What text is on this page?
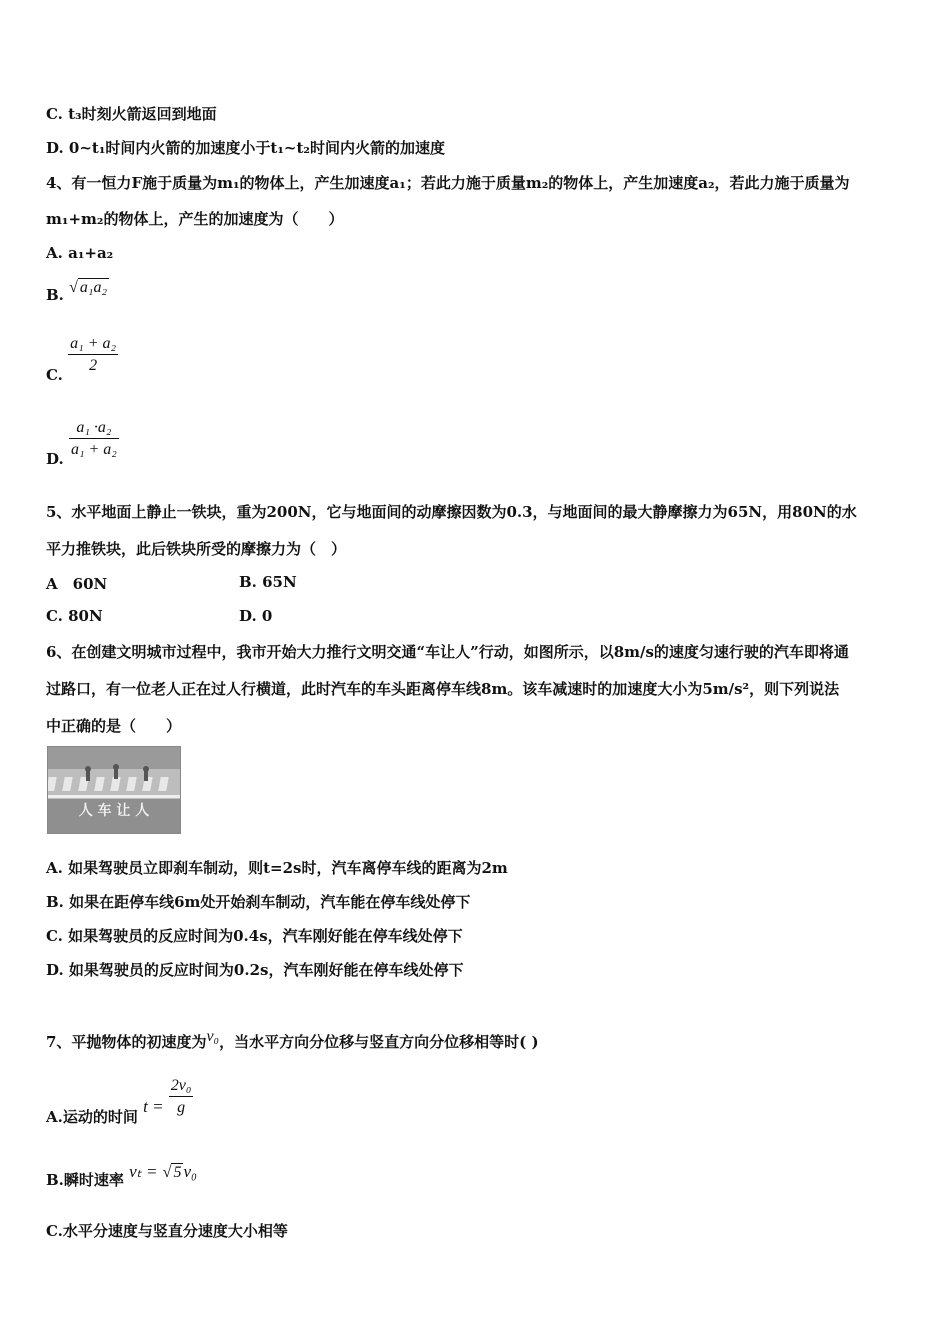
C. t₃时刻火箭返回到地面
D. 0~t₁时间内火箭的加速度小于t₁~t₂时间内火箭的加速度
4、有一恒力F施于质量为m₁的物体上，产生加速度a₁；若此力施于质量m₂的物体上，产生加速度a₂，若此力施于质量为
m₁+m₂的物体上，产生的加速度为（　　）
A. a₁+a₂
B. √ a₁a₂
C. $\frac{\text{a₁ + a₂}}{2}$
D. $\frac{\text{a₁ ·a₂}}{\text{a₁ + a₂}}$
5、水平地面上静止一铁块，重为200N，它与地面间的动摩擦因数为0.3，与地面间的最大静摩擦力为65N，用80N的水
平力推铁块，此后铁块所受的摩擦力为（　）
A　60N	B. 65N
C. 80N	D. 0
6、在创建文明城市过程中，我市开始大力推行文明交通“车让人”行动，如图所示，以8m/s的速度匀速行驶的汽车即将通
过路口，有一位老人正在过人行横道，此时汽车的车头距离停车线8m。该车减速时的加速度大小为5m/s²，则下列说法
中正确的是（　　）
人 车 让 人
A. 如果驾驶员立即刹车制动，则t=2s时，汽车离停车线的距离为2m
B. 如果在距停车线6m处开始刹车制动，汽车能在停车线处停下
C. 如果驾驶员的反应时间为0.4s，汽车刚好能在停车线处停下
D. 如果驾驶员的反应时间为0.2s，汽车刚好能在停车线处停下
7、平抛物体的初速度为v₀，当水平方向分位移与竖直方向分位移相等时( )
A.运动的时间 $t = \frac{\text{2v₀}}{g}$
B.瞬时速率 vₜ = √ 5 v₀
C.水平分速度与竖直分速度大小相等
